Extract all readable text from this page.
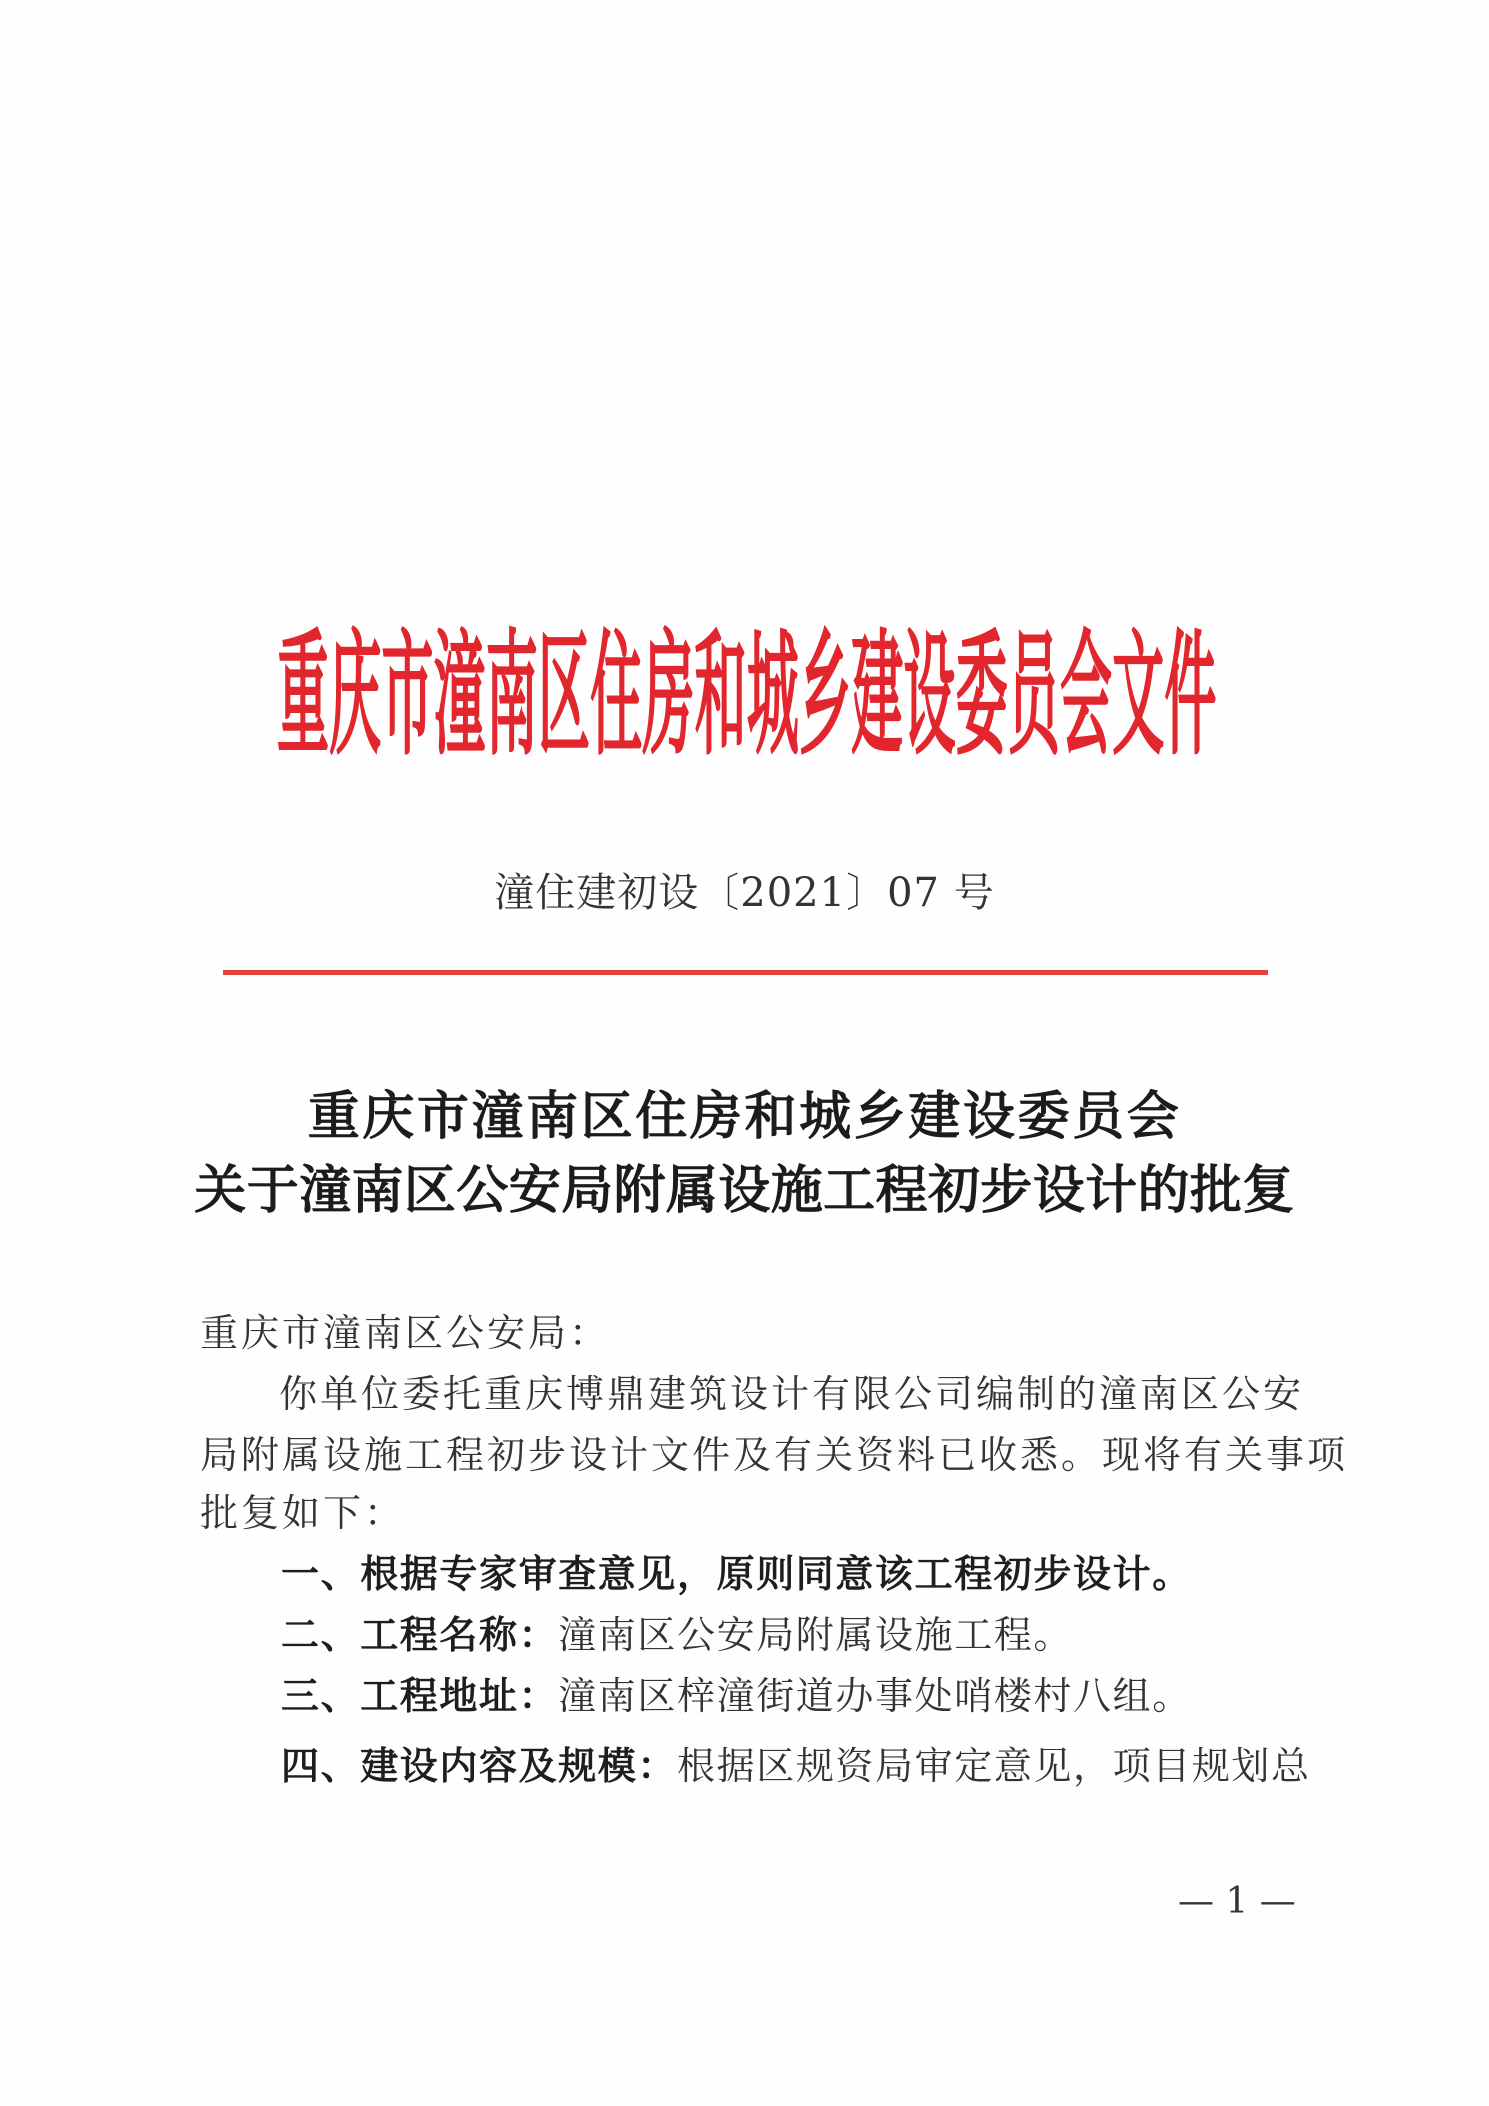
重庆市潼南区住房和城乡建设委员会文件
潼住建初设〔2021〕07 号
重庆市潼南区住房和城乡建设委员会
关于潼南区公安局附属设施工程初步设计的批复
重庆市潼南区公安局：
你单位委托重庆博鼎建筑设计有限公司编制的潼南区公安
局附属设施工程初步设计文件及有关资料已收悉。现将有关事项
批复如下：
一、根据专家审查意见，原则同意该工程初步设计。
二、工程名称：潼南区公安局附属设施工程。
三、工程地址：潼南区梓潼街道办事处哨楼村八组。
四、建设内容及规模：根据区规资局审定意见，项目规划总
— 1 —
